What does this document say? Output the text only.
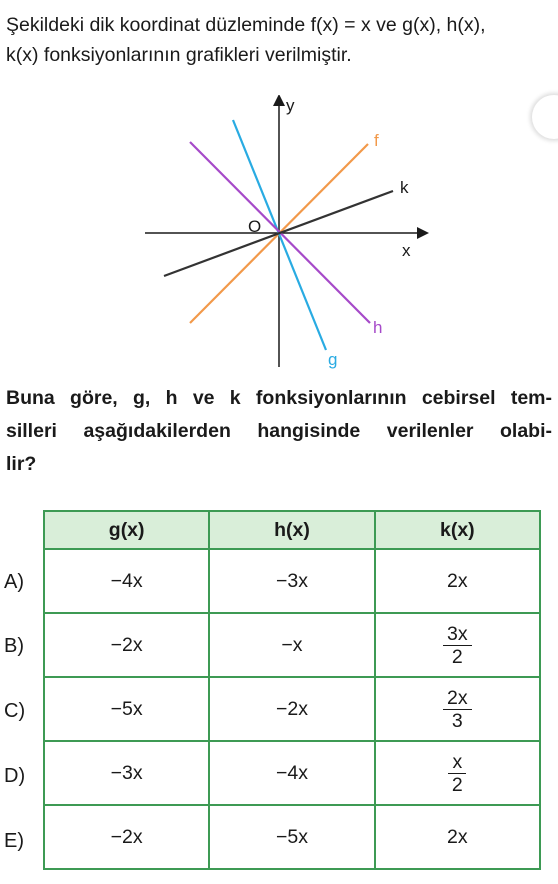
Şekildeki dik koordinat düzleminde f(x) = x ve g(x), h(x),
k(x) fonksiyonlarının grafikleri verilmiştir.
y
x
O
f
k
h
g
Buna göre, g, h ve k fonksiyonlarının cebirsel tem-
silleri aşağıdakilerden hangisinde verilenler olabi-
lir?
A)
B)
C)
D)
E)
g(x)	h(x)	k(x)
−4x	−3x	2x
−2x	−x	$\frac{3x}{2}$

−5x	−2x	$\frac{2x}{3}$

−3x	−4x	$\frac{x}{2}$

−2x	−5x	2x
